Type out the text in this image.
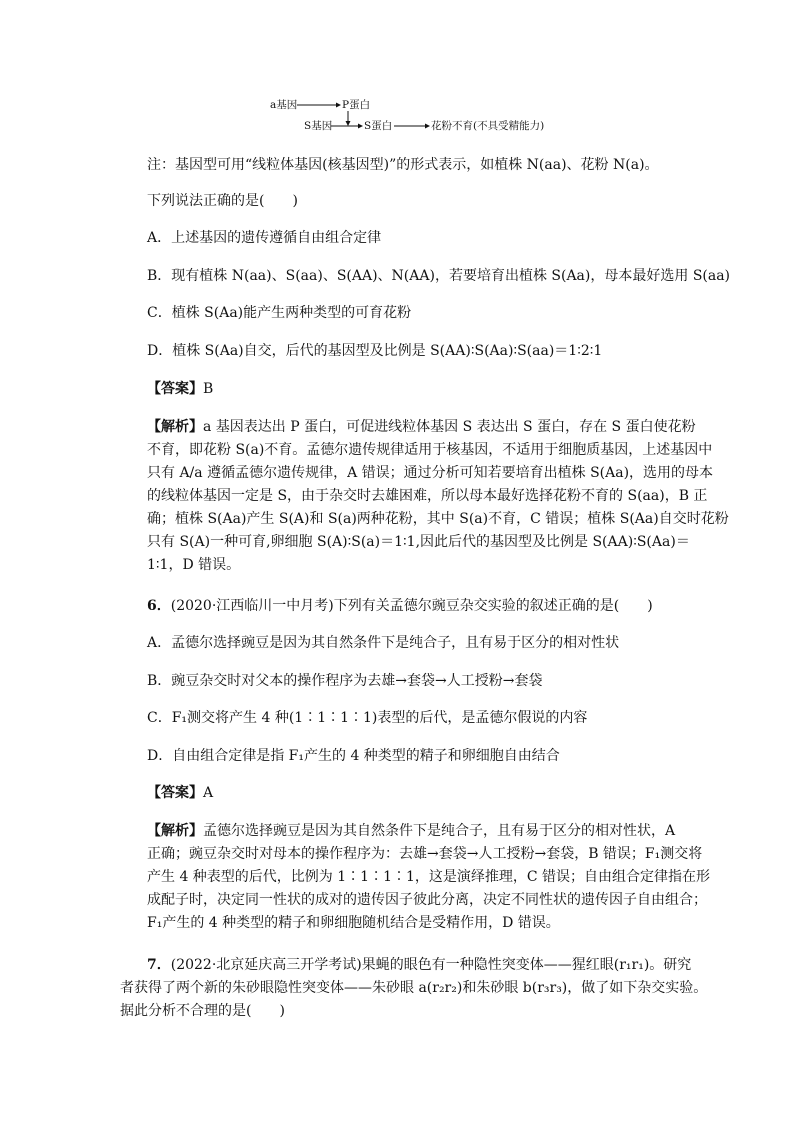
a基因	P蛋白
S基因	S蛋白	花粉不育(不具受精能力)
注：基因型可用“线粒体基因(核基因型)”的形式表示，如植株 N(aa)、花粉 N(a)。
下列说法正确的是(　　)
A．上述基因的遗传遵循自由组合定律
B．现有植株 N(aa)、S(aa)、S(AA)、N(AA)，若要培育出植株 S(Aa)，母本最好选用 S(aa)
C．植株 S(Aa)能产生两种类型的可育花粉
D．植株 S(Aa)自交，后代的基因型及比例是 S(AA)∶S(Aa)∶S(aa)＝1∶2∶1
【答案】B
【解析】a 基因表达出 P 蛋白，可促进线粒体基因 S 表达出 S 蛋白，存在 S 蛋白使花粉
不育，即花粉 S(a)不育。孟德尔遗传规律适用于核基因，不适用于细胞质基因，上述基因中
只有 A/a 遵循孟德尔遗传规律，A 错误；通过分析可知若要培育出植株 S(Aa)，选用的母本
的线粒体基因一定是 S，由于杂交时去雄困难，所以母本最好选择花粉不育的 S(aa)，B 正
确；植株 S(Aa)产生 S(A)和 S(a)两种花粉，其中 S(a)不育，C 错误；植株 S(Aa)自交时花粉
只有 S(A)一种可育,卵细胞 S(A)∶S(a)＝1∶1,因此后代的基因型及比例是 S(AA)∶S(Aa)＝
1∶1，D 错误。
6．(2020·江西临川一中月考)下列有关孟德尔豌豆杂交实验的叙述正确的是(　　)
A．孟德尔选择豌豆是因为其自然条件下是纯合子，且有易于区分的相对性状
B．豌豆杂交时对父本的操作程序为去雄→套袋→人工授粉→套袋
C．F₁测交将产生 4 种(1∶1∶1∶1)表型的后代，是孟德尔假说的内容
D．自由组合定律是指 F₁产生的 4 种类型的精子和卵细胞自由结合
【答案】A
【解析】孟德尔选择豌豆是因为其自然条件下是纯合子，且有易于区分的相对性状，A
正确；豌豆杂交时对母本的操作程序为：去雄→套袋→人工授粉→套袋，B 错误；F₁测交将
产生 4 种表型的后代，比例为 1∶1∶1∶1，这是演绎推理，C 错误；自由组合定律指在形
成配子时，决定同一性状的成对的遗传因子彼此分离，决定不同性状的遗传因子自由组合；
F₁产生的 4 种类型的精子和卵细胞随机结合是受精作用，D 错误。
7．(2022·北京延庆高三开学考试)果蝇的眼色有一种隐性突变体——猩红眼(r₁r₁)。研究
者获得了两个新的朱砂眼隐性突变体——朱砂眼 a(r₂r₂)和朱砂眼 b(r₃r₃)，做了如下杂交实验。
据此分析不合理的是(　　)
